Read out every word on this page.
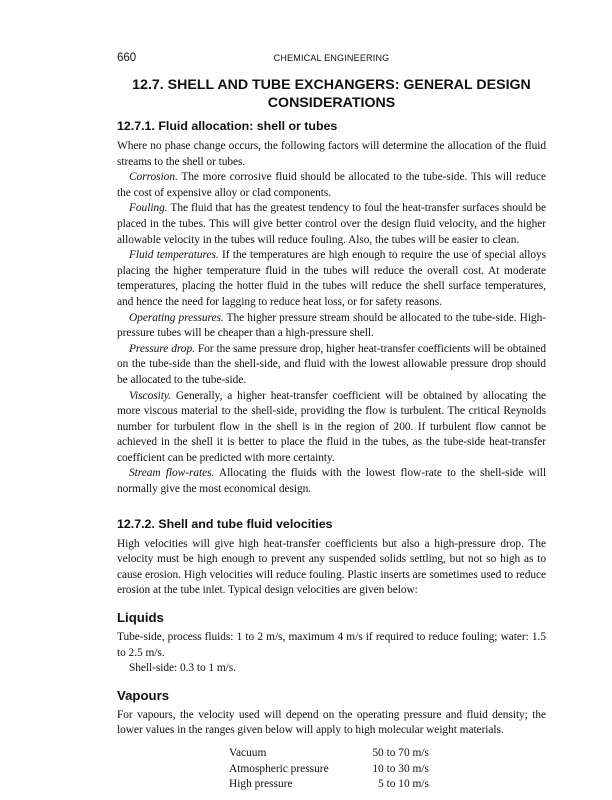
660	CHEMICAL ENGINEERING
12.7. SHELL AND TUBE EXCHANGERS: GENERAL DESIGN CONSIDERATIONS
12.7.1. Fluid allocation: shell or tubes

Where no phase change occurs, the following factors will determine the allocation of the fluid streams to the shell or tubes.

Corrosion. The more corrosive fluid should be allocated to the tube-side. This will reduce the cost of expensive alloy or clad components.

Fouling. The fluid that has the greatest tendency to foul the heat-transfer surfaces should be placed in the tubes. This will give better control over the design fluid velocity, and the higher allowable velocity in the tubes will reduce fouling. Also, the tubes will be easier to clean.

Fluid temperatures. If the temperatures are high enough to require the use of special alloys placing the higher temperature fluid in the tubes will reduce the overall cost. At moderate temperatures, placing the hotter fluid in the tubes will reduce the shell surface temperatures, and hence the need for lagging to reduce heat loss, or for safety reasons.

Operating pressures. The higher pressure stream should be allocated to the tube-side. High-pressure tubes will be cheaper than a high-pressure shell.

Pressure drop. For the same pressure drop, higher heat-transfer coefficients will be obtained on the tube-side than the shell-side, and fluid with the lowest allowable pressure drop should be allocated to the tube-side.

Viscosity. Generally, a higher heat-transfer coefficient will be obtained by allocating the more viscous material to the shell-side, providing the flow is turbulent. The critical Reynolds number for turbulent flow in the shell is in the region of 200. If turbulent flow cannot be achieved in the shell it is better to place the fluid in the tubes, as the tube-side heat-transfer coefficient can be predicted with more certainty.

Stream flow-rates. Allocating the fluids with the lowest flow-rate to the shell-side will normally give the most economical design.

12.7.2. Shell and tube fluid velocities

High velocities will give high heat-transfer coefficients but also a high-pressure drop. The velocity must be high enough to prevent any suspended solids settling, but not so high as to cause erosion. High velocities will reduce fouling. Plastic inserts are sometimes used to reduce erosion at the tube inlet. Typical design velocities are given below:

Liquids

Tube-side, process fluids: 1 to 2 m/s, maximum 4 m/s if required to reduce fouling; water: 1.5 to 2.5 m/s.

Shell-side: 0.3 to 1 m/s.

Vapours

For vapours, the velocity used will depend on the operating pressure and fluid density; the lower values in the ranges given below will apply to high molecular weight materials.

Vacuum	50 to 70 m/s
Atmospheric pressure	10 to 30 m/s
High pressure	5 to 10 m/s
